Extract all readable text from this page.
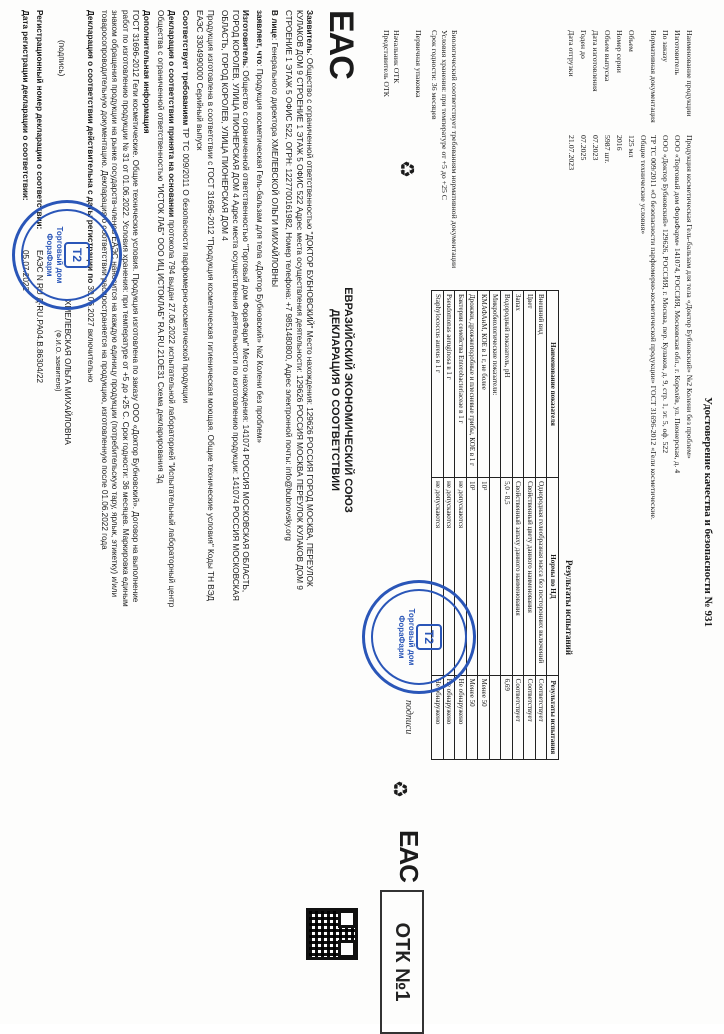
EAC
ЕВРАЗИЙСКИЙ ЭКОНОМИЧЕСКИЙ СОЮЗ
ДЕКЛАРАЦИЯ О СООТВЕТСТВИИ

Заявитель: Общество с ограниченной ответственностью "ДОКТОР БУБНОВСКИЙ" Место нахождения: 129626 РОССИЯ ГОРОД МОСКВА, ПЕРЕУЛОК КУЛАКОВ ДОМ 9 СТРОЕНИЕ 1 ЭТАЖ 5 ОФИС 522 Адрес места осуществления деятельности: 129626 РОССИЯ МОСКВА ПЕРЕУЛОК КУЛАКОВ ДОМ 9 СТРОЕНИЕ 1 ЭТАЖ 5 ОФИС 522, ОГРН: 1227700161982, Номер телефона: +7 9851480800, Адрес электронной почты: info@bubnovsky.org

В лице: Генерального директора ХМЕЛЕВСКОЙ ОЛЬГИ МИХАЙЛОВНЫ

заявляет, что: Продукция косметическая Гель-бальзам для тела «Доктор Бубновский» №2 Колени без проблем»

Изготовитель: Общество с ограниченной ответственностью "Торговый дом ФораФарм" Место нахождения: 141074 РОССИЯ МОСКОВСКАЯ ОБЛАСТЬ, ГОРОД КОРОЛЕВ, УЛИЦА ПИОНЕРСКАЯ ДОМ 4 Адрес места осуществления деятельности по изготовлению продукции: 141074 РОССИЯ МОСКОВСКАЯ ОБЛАСТЬ, ГОРОД КОРОЛЕВ, УЛИЦА ПИОНЕРСКАЯ ДОМ 4

Продукция изготовлена в соответствии с ГОСТ 31696-2012 "Продукция косметическая гигиеническая моющая. Общие технические условия" Коды ТН ВЭД ЕАЭС 3304990000 Серийный выпуск

Соответствует требованиям ТР ТС 009/2011 О безопасности парфюмерно-косметической продукции

Декларация о соответствии принята на основании протокола 794 выдан 27.06.2022 испытательной лабораторией "Испытательный лабораторный центр Общества с ограниченной ответственностью "ИСТОК ЛАБ" ООО ИЦ ИСТОКЛАБ" RA.RU.21ОЕ31 Схема декларирования 3д

Дополнительная информация
ГОСТ 31696-2012 Гели косметические. Общие технические условия. Продукция изготовлена по заказу ООО «Доктор Бубновский». Договор на выполнение работ по изготовлению продукции № 31 от 01.06.2022. Условия хранения: при температуре от +5 до +25 С. Срок годности: 36 месяцев. Маркировка единым знаком обращения продукции на рынке государств-членов ЕАЭС наносится на каждую единицу продукции (потребительскую тару, ярлык, этикетку) и/или товаросопроводительную документацию. Декларация о соответствии распространяется на продукцию, изготовленную после 01.06.2022 года

Декларация о соответствии действительна с даты регистрации по 30.06.2027 включительно

(подпись)
ХМЕЛЕВСКАЯ ОЛЬГА МИХАЙЛОВНА
(Ф.И.О. заявителя)
Регистрационный номер декларации о соответствии:
ЕАЭС N RU Д-RU.РА04.В.86304/22
Дата регистрации декларации о соответствии:
05.07.2022	Т2
Торговый дом
ФораФарм
Удостоверение качества и безопасности № 931
Наименование продукции
Продукция косметическая Гель-бальзам для тела «Доктор Бубновский» №2 Колени без проблем»
Изготовитель
ООО «Торговый дом ФораФарм» 141074, РОССИЯ, Московская обл., г. Королёв, ул. Пионерская, д. 4
По заказу
ООО «Доктор Бубновский» 129626, РОССИЯ, г. Москва, пер. Кулаков, д. 9, стр. 1, эт. 5, оф. 522
Нормативная документация
ТР ТС 009/2011 «О безопасности парфюмерно-косметической продукции» ГОСТ 31696-2012 «Гели косметические. Общие технические условия»
Объем
125 мл
Номер серии
2016
Объем выпуска
5987 шт.
Дата изготовления
07.2023
Годен до
07.2025
Дата отгрузки
21.07.2023
Результаты испытаний
Наименование показателя	Нормы по НД	Результаты испытания
Внешний вид	Однородная гелеобразная масса без посторонних включений	Соответствует
Цвет	Свойственный цвету данного наименования	Соответствует
Запах	Свойственный запаху данного наименования	Соответствует
Водородный показатель, pH	5,0 - 8,5	6,69
Микробиологические показатели:		
КМАФАнМ, КОЕ в 1 г, не более	10³	Менее 50
Дрожжи, дрожжеподобные и плесневые грибы, КОЕ в 1 г	10²	Менее 50
Бактерии семейства Enterobacteriaceae в 1 г	не допускаются	Не обнаружено
Pseudomonas aeruginosa в 1 г	не допускаются	Не обнаружено
Staphylococcus aureus в 1 г	не допускаются	Не обнаружено
Биологический соответствует требованиям нормативной документации
Условия хранения: при температуре от +5 до +25 С
Срок годности: 36 месяцев
Первичная упаковка
Начальник ОТК
Представитель ОТК
Т2
Торговый дом
ФораФарм
♻
подписи
♻
EAC
ОТК №1
